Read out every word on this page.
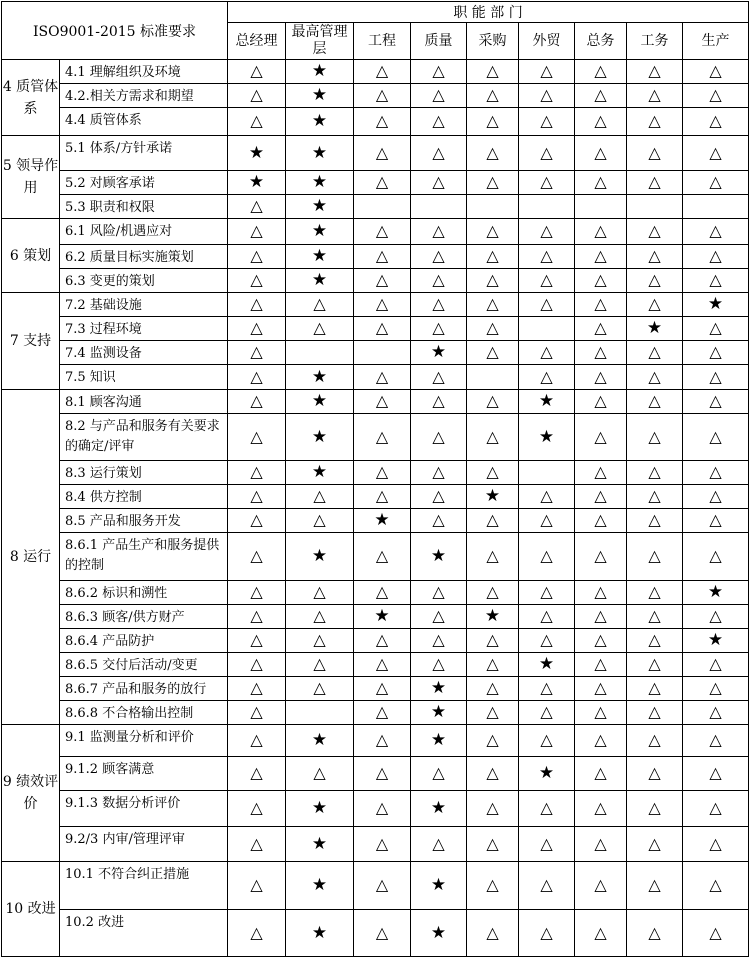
ISO9001-2015 标准要求		职 能 部 门								
		总经理	最高管理层	工程	质量	采购	外贸	总务	工务	生产
4 质管体系	4.1 理解组织及环境	△	★	△	△	△	△	△	△	△
	4.2.相关方需求和期望	△	★	△	△	△	△	△	△	△
	4.4 质管体系	△	★	△	△	△	△	△	△	△
5 领导作用	5.1 体系/方针承诺	★	★	△	△	△	△	△	△	△
	5.2 对顾客承诺	★	★	△	△	△	△	△	△	△
	5.3 职责和权限	△	★							
6 策划	6.1 风险/机遇应对	△	★	△	△	△	△	△	△	△
	6.2 质量目标实施策划	△	★	△	△	△	△	△	△	△
	6.3 变更的策划	△	★	△	△	△	△	△	△	△
7 支持	7.2 基础设施	△	△	△	△	△	△	△	△	★
	7.3 过程环境	△	△	△	△	△		△	★	△
	7.4 监测设备	△			★	△	△	△	△	△
	7.5 知识	△	★	△	△		△	△	△	△
8 运行	8.1 顾客沟通	△	★	△	△	△	★	△	△	△
	8.2 与产品和服务有关要求的确定/评审	△	★	△	△	△	★	△	△	△
	8.3 运行策划	△	★	△	△	△		△	△	△
	8.4 供方控制	△	△	△	△	★	△	△	△	△
	8.5 产品和服务开发	△	△	★	△	△	△	△	△	△
	8.6.1 产品生产和服务提供的控制	△	★	△	★	△	△	△	△	△
	8.6.2 标识和溯性	△	△	△	△	△	△	△	△	★
	8.6.3 顾客/供方财产	△	△	★	△	★	△	△	△	△
	8.6.4 产品防护	△	△	△	△	△	△	△	△	★
	8.6.5 交付后活动/变更	△	△	△	△	△	★	△	△	△
	8.6.7 产品和服务的放行	△	△	△	★	△	△	△	△	△
	8.6.8 不合格输出控制	△		△	★	△	△	△	△	△
9 绩效评价	9.1 监测量分析和评价	△	★	△	★	△	△	△	△	△
	9.1.2 顾客满意	△	△	△	△	△	★	△	△	△
	9.1.3 数据分析评价	△	★	△	★	△	△	△	△	△
	9.2/3 内审/管理评审	△	★	△	△	△	△	△	△	△
10 改进	10.1 不符合纠正措施	△	★	△	★	△	△	△	△	△
	10.2 改进	△	★	△	★	△	△	△	△	△
